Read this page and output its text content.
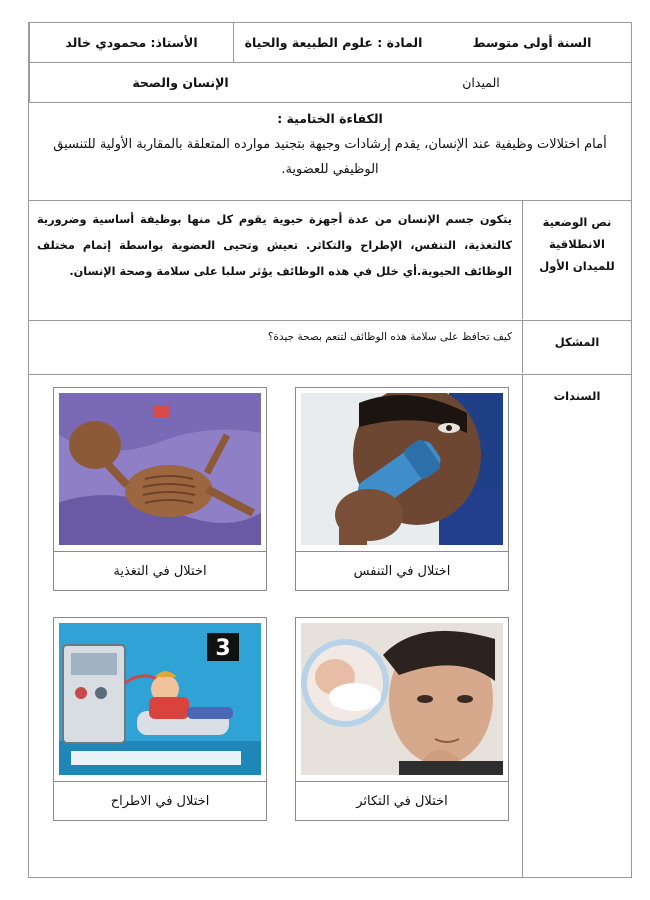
السنة أولى متوسط
المادة : علوم الطبيعة والحياة
الأستاذ: محمودي خالد
الميدان
الإنسان والصحة
الكفاءة الختامية :
أمام اختلالات وظيفية عند الإنسان، يقدم إرشادات وجيهة بتجنيد موارده المتعلقة بالمقاربة الأولية للتنسيق الوظيفي للعضوية.
نص الوضعية الانطلاقية للميدان الأول
يتكون جسم الإنسان من عدة أجهزة حيوية يقوم كل منها بوظيفة أساسية وضرورية كالتغذية، التنفس، الإطراح والتكاثر. تعيش وتحيى العضوية بواسطة إتمام مختلف الوظائف الحيوية.أي خلل في هذه الوظائف يؤثر سلبا على سلامة وصحة الإنسان.
المشكل
كيف تحافظ على سلامة هذه الوظائف لتنعم بصحة جيدة؟
السندات
اختلال في التنفس
اختلال في التغذية
اختلال في التكاثر
3
اختلال في الاطراح
